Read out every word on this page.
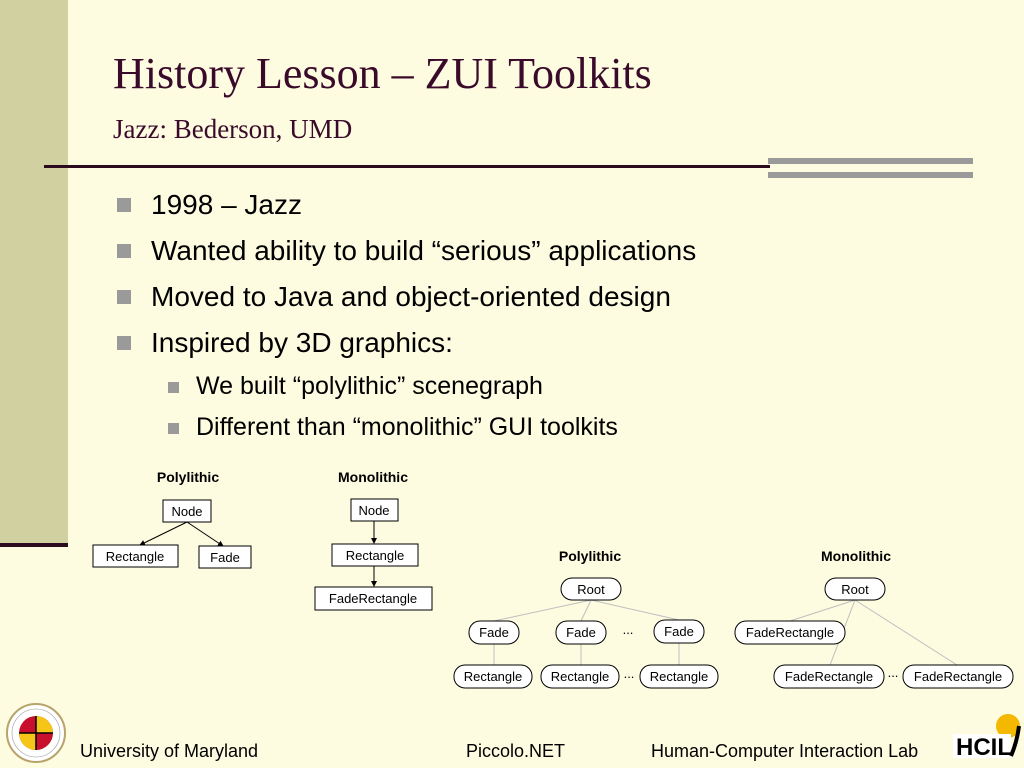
History Lesson – ZUI Toolkits
Jazz: Bederson, UMD
1998 – Jazz
Wanted ability to build “serious” applications
Moved to Java and object-oriented design
Inspired by 3D graphics:
We built “polylithic” scenegraph
Different than “monolithic” GUI toolkits
Polylithic
Node
Rectangle	Fade
Monolithic
Node
Rectangle
FadeRectangle
Polylithic
Root
Fade	Fade ... Fade
Rectangle Rectangle ... Rectangle
Monolithic
Root
FadeRectangle
FadeRectangle ... FadeRectangle
HCIL
University of Maryland	Piccolo.NET	Human-Computer Interaction Lab
